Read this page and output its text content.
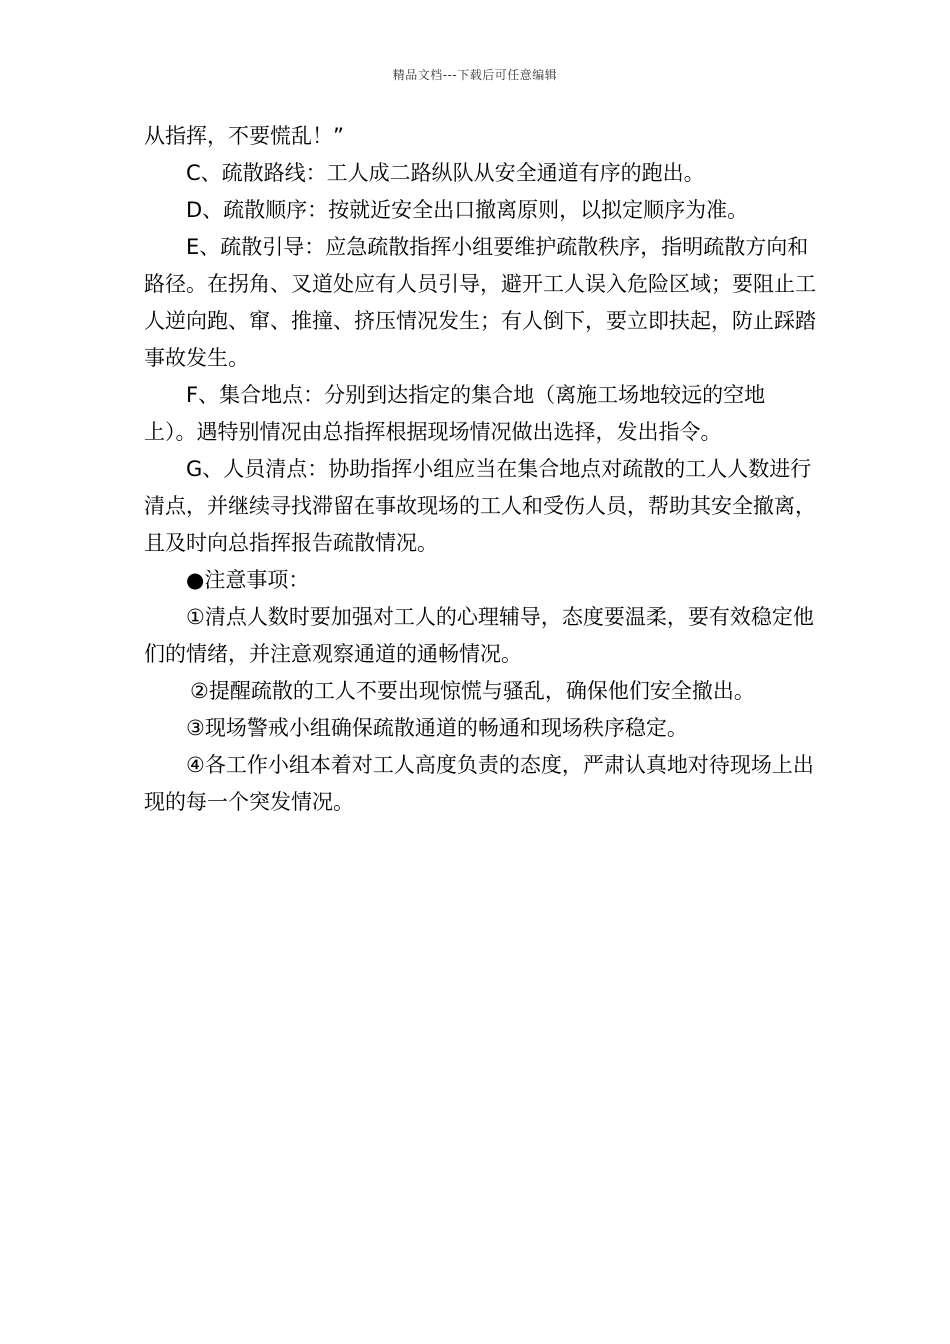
精品文档---下载后可任意编辑

从指挥，不要慌乱！”

C、疏散路线：工人成二路纵队从安全通道有序的跑出。

D、疏散顺序：按就近安全出口撤离原则，以拟定顺序为准。

E、疏散引导：应急疏散指挥小组要维护疏散秩序，指明疏散方向和路径。在拐角、叉道处应有人员引导，避开工人误入危险区域；要阻止工人逆向跑、窜、推撞、挤压情况发生；有人倒下，要立即扶起，防止踩踏事故发生。

F、集合地点：分别到达指定的集合地（离施工场地较远的空地上）。遇特别情况由总指挥根据现场情况做出选择，发出指令。

G、人员清点：协助指挥小组应当在集合地点对疏散的工人人数进行清点，并继续寻找滞留在事故现场的工人和受伤人员，帮助其安全撤离，且及时向总指挥报告疏散情况。

●注意事项：

①清点人数时要加强对工人的心理辅导，态度要温柔，要有效稳定他们的情绪，并注意观察通道的通畅情况。

②提醒疏散的工人不要出现惊慌与骚乱，确保他们安全撤出。

③现场警戒小组确保疏散通道的畅通和现场秩序稳定。

④各工作小组本着对工人高度负责的态度，严肃认真地对待现场上出现的每一个突发情况。
